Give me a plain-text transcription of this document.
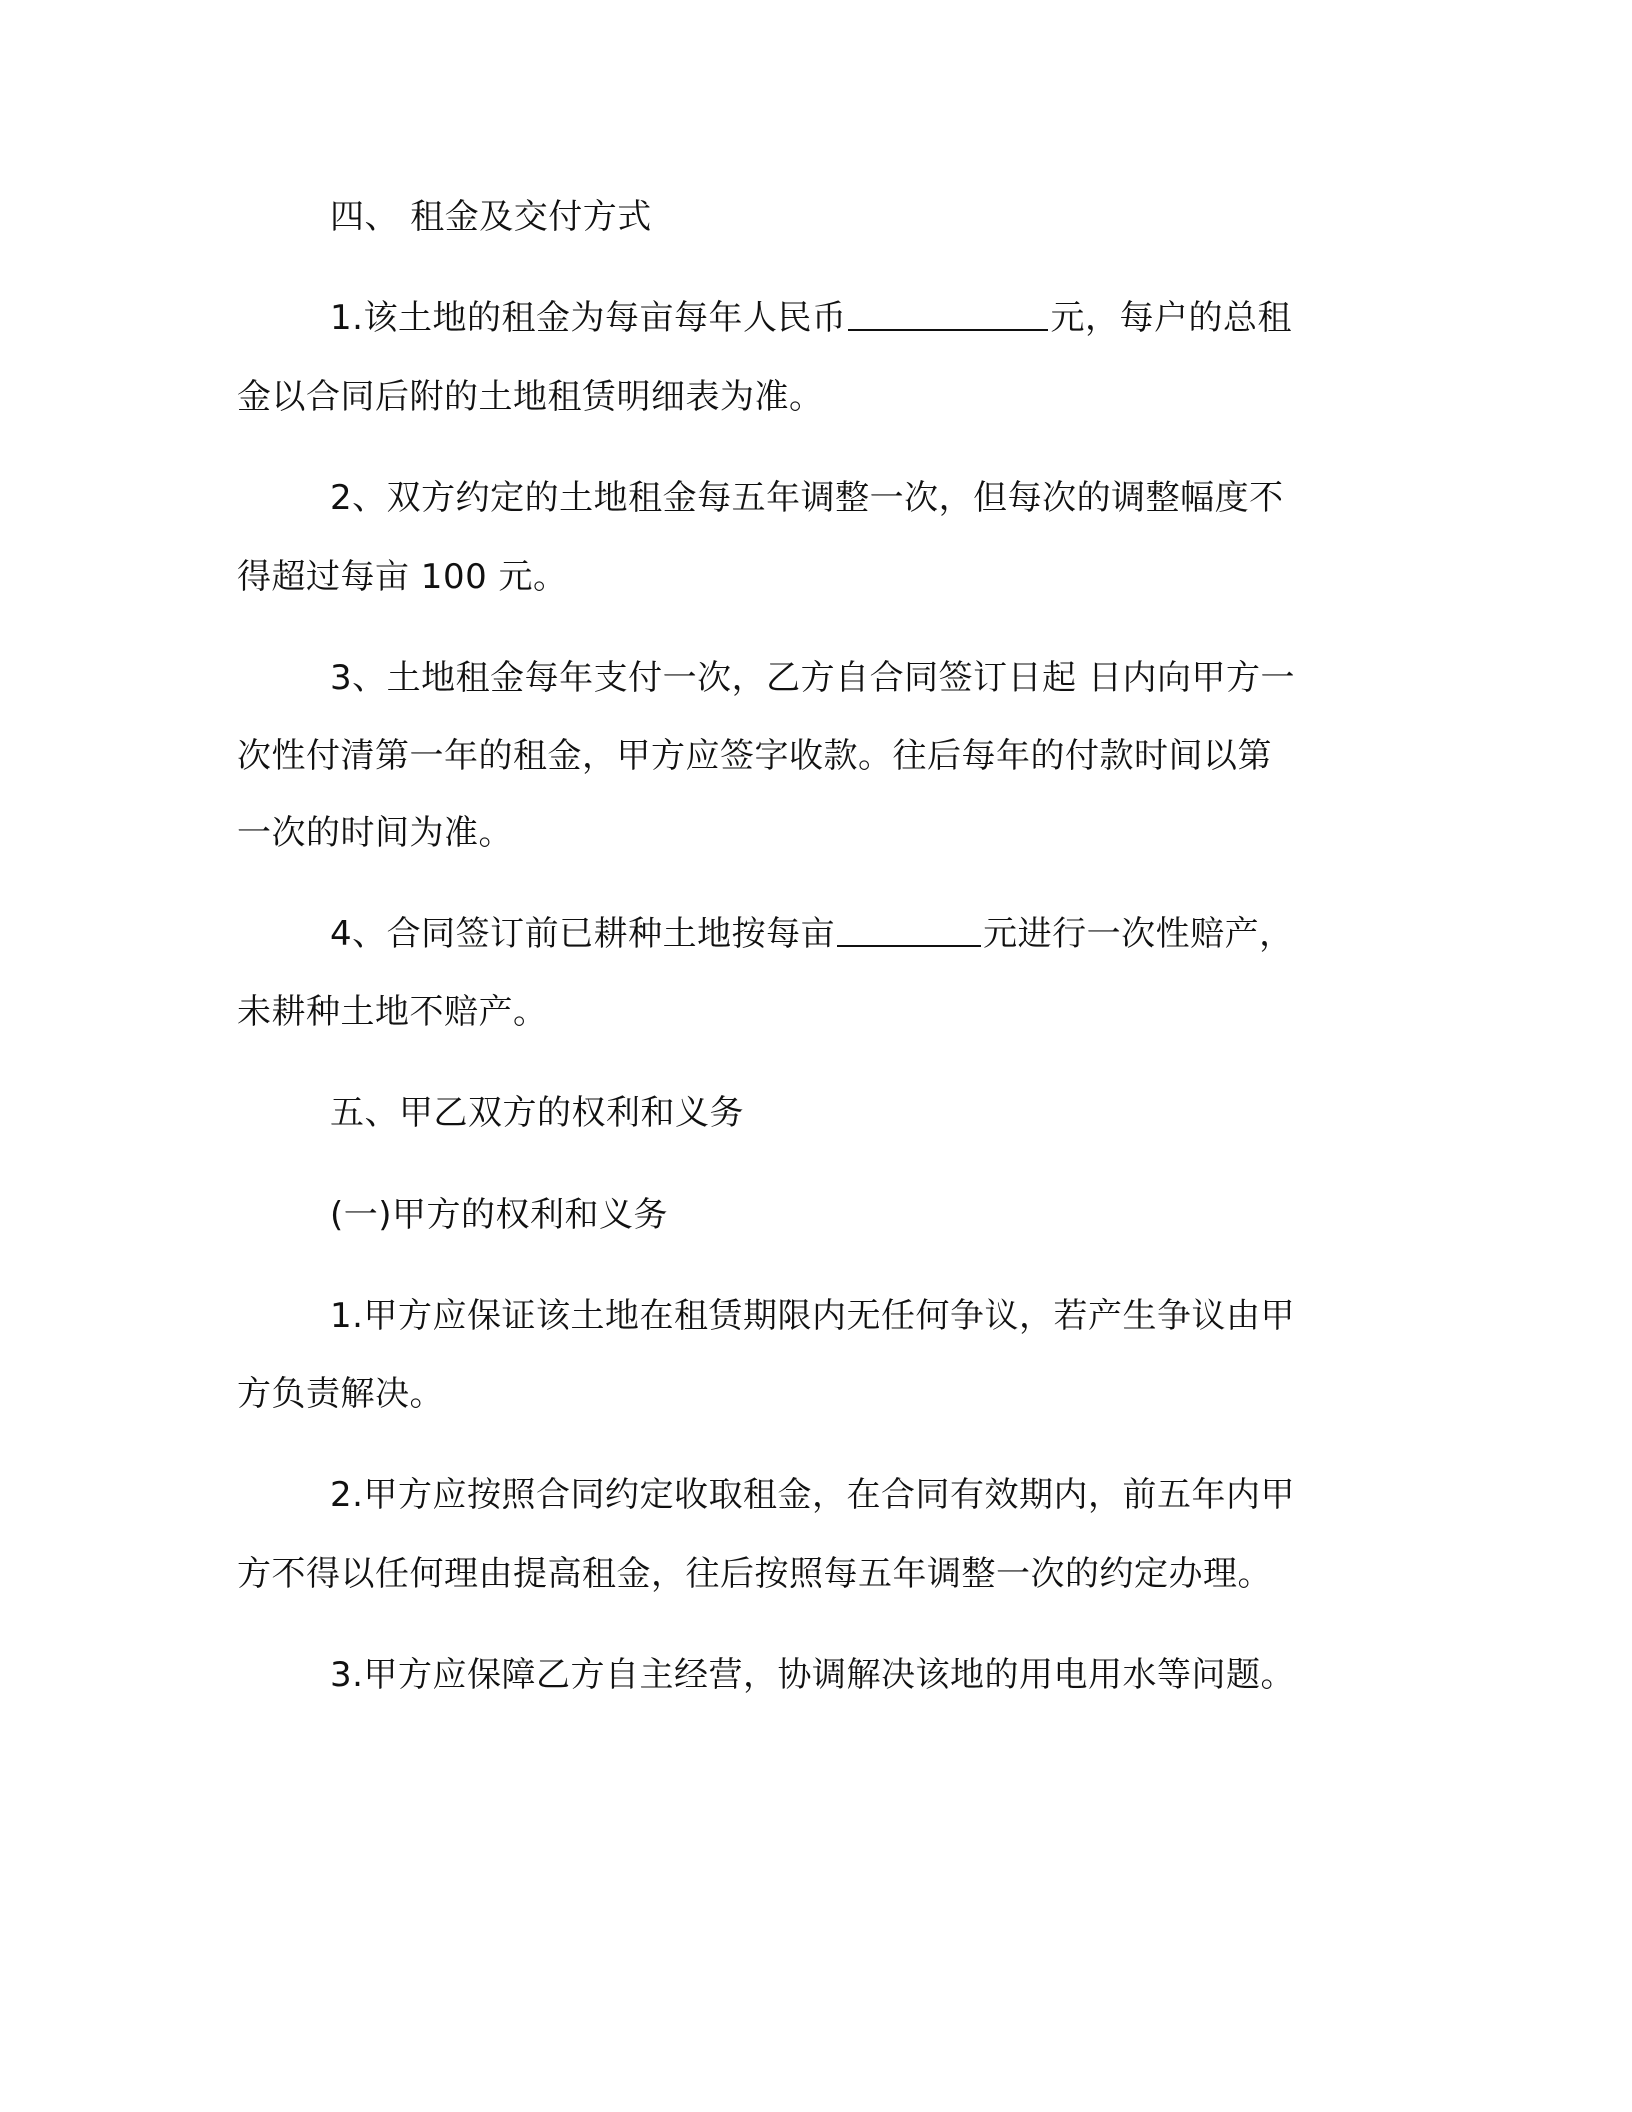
四、 租金及交付方式
1.该土地的租金为每亩每年人民币	元，每户的总租
金以合同后附的土地租赁明细表为准。
2、双方约定的土地租金每五年调整一次，但每次的调整幅度不
得超过每亩 100 元。
3、土地租金每年支付一次，乙方自合同签订日起 日内向甲方一
次性付清第一年的租金，甲方应签字收款。往后每年的付款时间以第
一次的时间为准。
4、合同签订前已耕种土地按每亩	元进行一次性赔产，
未耕种土地不赔产。
五、甲乙双方的权利和义务
(一)甲方的权利和义务
1.甲方应保证该土地在租赁期限内无任何争议，若产生争议由甲
方负责解决。
2.甲方应按照合同约定收取租金，在合同有效期内，前五年内甲
方不得以任何理由提高租金，往后按照每五年调整一次的约定办理。
3.甲方应保障乙方自主经营，协调解决该地的用电用水等问题。
